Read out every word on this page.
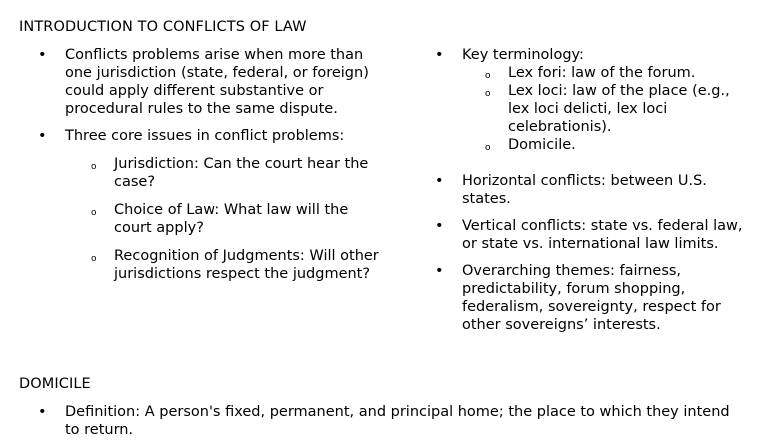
INTRODUCTION TO CONFLICTS OF LAW
•	Conflicts problems arise when more than one jurisdiction (state, federal, or foreign) could apply different substantive or procedural rules to the same dispute.
•	Three core issues in conflict problems:
o Jurisdiction: Can the court hear the case?
o Choice of Law: What law will the court apply?
o Recognition of Judgments: Will other jurisdictions respect the judgment?
•	Key terminology:
o Lex fori: law of the forum.
o Lex loci: law of the place (e.g., lex loci delicti, lex loci celebrationis).
o Domicile.
•	Horizontal conflicts: between U.S. states.
•	Vertical conflicts: state vs. federal law, or state vs. international law limits.
•	Overarching themes: fairness, predictability, forum shopping, federalism, sovereignty, respect for other sovereigns’ interests.
DOMICILE
•	Definition: A person's fixed, permanent, and principal home; the place to which they intend to return.
